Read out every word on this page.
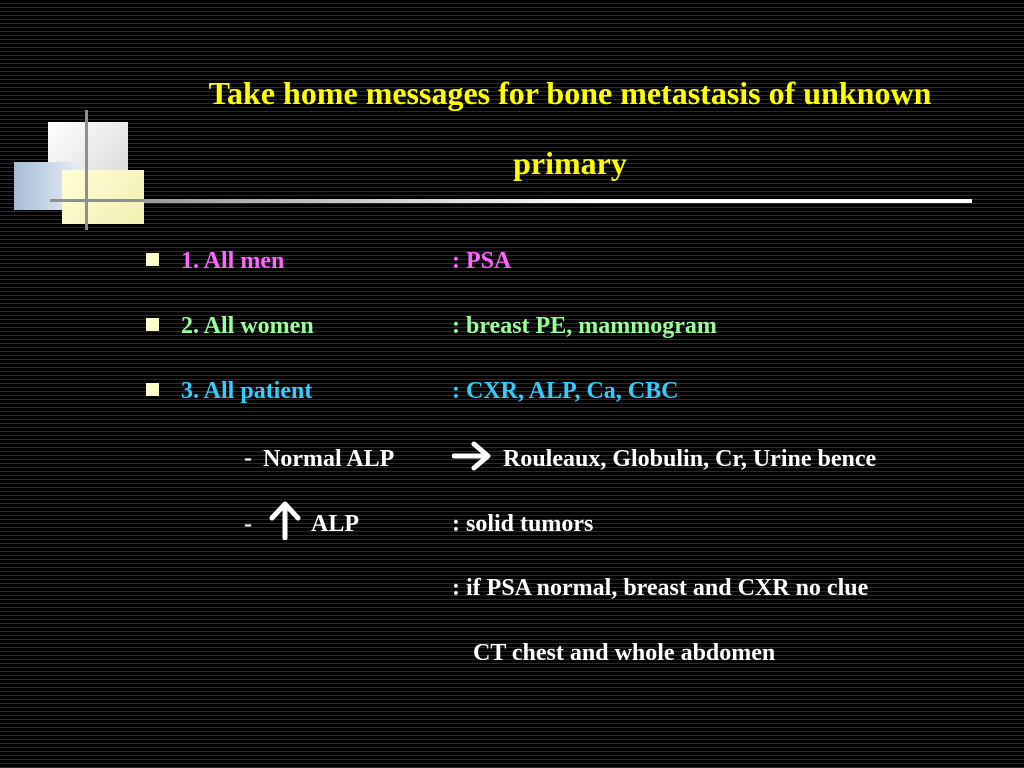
Take home messages for bone metastasis of unknown primary
1. All men	: PSA
2. All women	: breast PE, mammogram
3. All patient	: CXR, ALP, Ca, CBC
- Normal ALP	Rouleaux, Globulin, Cr, Urine bence
- ALP	: solid tumors
: if PSA normal, breast and CXR no clue
CT chest and whole abdomen
